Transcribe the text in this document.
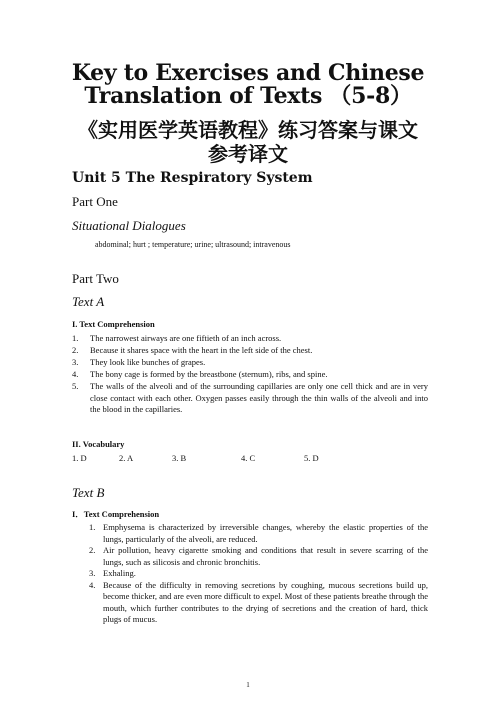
Key to Exercises and Chinese
Translation of Texts （5-8）
《实用医学英语教程》练习答案与课文
参考译文
Unit 5 The Respiratory System
Part One
Situational Dialogues
abdominal; hurt ; temperature; urine; ultrasound; intravenous
Part Two
Text A
I. Text Comprehension
1. The narrowest airways are one fiftieth of an inch across.
2. Because it shares space with the heart in the left side of the chest.
3. They look like bunches of grapes.
4. The bony cage is formed by the breastbone (sternum), ribs, and spine.
5. The walls of the alveoli and of the surrounding capillaries are only one cell thick and are in very close contact with each other. Oxygen passes easily through the thin walls of the alveoli and into the blood in the capillaries.
II. Vocabulary
1. D	2. A	3. B	4. C	5. D
Text B
I．Text Comprehension
1. Emphysema is characterized by irreversible changes, whereby the elastic properties of the lungs, particularly of the alveoli, are reduced.
2. Air pollution, heavy cigarette smoking and conditions that result in severe scarring of the lungs, such as silicosis and chronic bronchitis.
3. Exhaling.
4. Because of the difficulty in removing secretions by coughing, mucous secretions build up, become thicker, and are even more difficult to expel. Most of these patients breathe through the mouth, which further contributes to the drying of secretions and the creation of hard, thick plugs of mucus.
1
